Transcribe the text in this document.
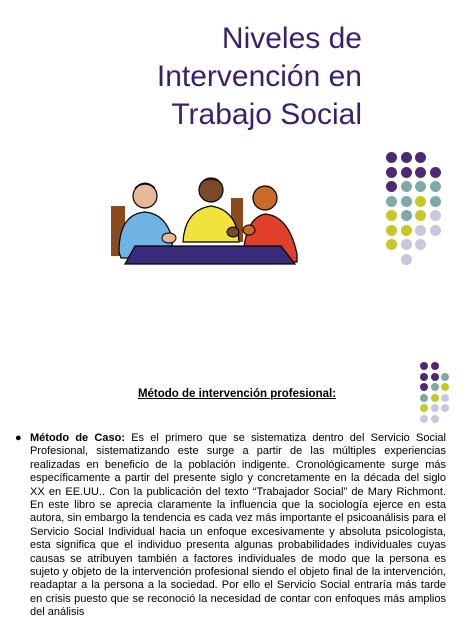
Niveles de
Intervención en
Trabajo Social
Método de intervención profesional:
● Método de Caso: Es el primero que se sistematiza dentro del Servicio Social Profesional, sistematizando este surge a partir de las múltiples experiencias realizadas en beneficio de la población indigente. Cronológicamente surge más específicamente a partir del presente siglo y concretamente en la década del siglo XX en EE.UU.. Con la publicación del texto “Trabajador Social” de Mary Richmont. En este libro se aprecia claramente la influencia que la sociología ejerce en esta autora, sin embargo la tendencia es cada vez más importante el psicoanálisis para el Servicio Social Individual hacia un enfoque excesivamente y absoluta psicologista, esta significa que el individuo presenta algunas probabilidades individuales cuyas causas se atribuyen también a factores individuales de modo que la persona es sujeto y objeto de la intervención profesional siendo el objeto final de la intervención, readaptar a la persona a la sociedad. Por ello el Servicio Social entraría más tarde en crisis puesto que se reconoció la necesidad de contar con enfoques más amplios del análisis
